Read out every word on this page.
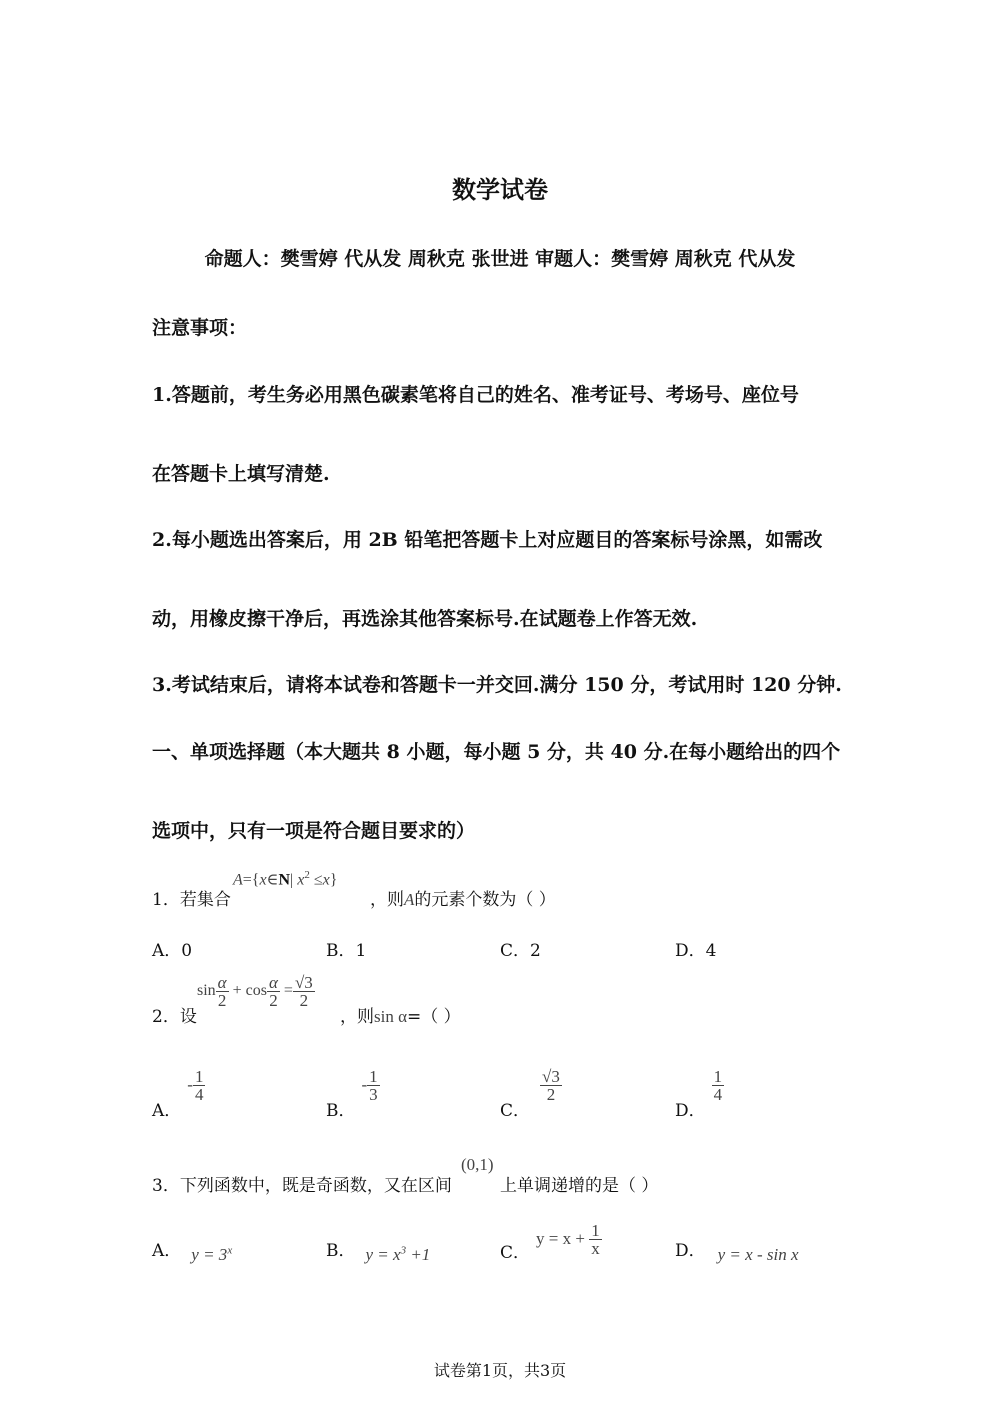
数学试卷
命题人：樊雪婷 代从发 周秋克 张世进 审题人：樊雪婷 周秋克 代从发
注意事项：
1.答题前，考生务必用黑色碳素笔将自己的姓名、准考证号、考场号、座位号
在答题卡上填写清楚.
2.每小题选出答案后，用 2B 铅笔把答题卡上对应题目的答案标号涂黑，如需改
动，用橡皮擦干净后，再选涂其他答案标号.在试题卷上作答无效.
3.考试结束后，请将本试卷和答题卡一并交回.满分 150 分，考试用时 120 分钟.
一、单项选择题（本大题共 8 小题，每小题 5 分，共 40 分.在每小题给出的四个
选项中，只有一项是符合题目要求的）
1．若集合
A={x∈N| $x^2 \le x$}
，则A的元素个数为（ ）
A．0	B．1	C．2	D．4
2．设
$\sin \frac{\alpha}{2} + \cos \frac{\alpha}{2} = \frac{√3}{2}$
，则sin α=（ ）
A．- $\frac{1}{4}$
B．- $\frac{1}{3}$
C．
$\frac{√3}{2}$
D．
$\frac{1}{4}$
3．下列函数中，既是奇函数，又在区间
(0,1)
上单调递增的是（ ）
A． $y = 3^x$	B． $y = x^3 +1$	C．$y = x + \frac{1}{x}$	D． y = x - sin x
试卷第1页，共3页
